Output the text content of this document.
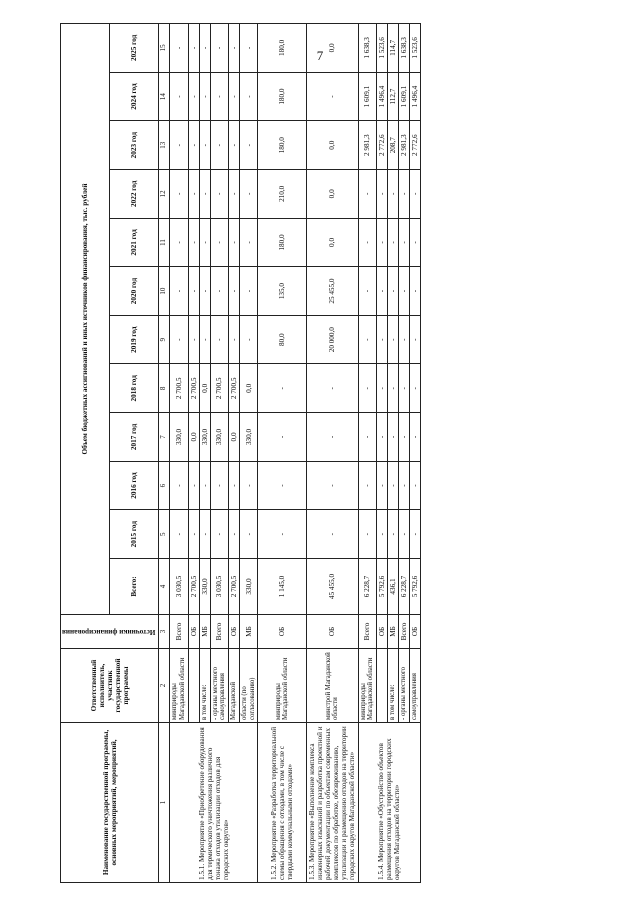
7
Наименование государственной программы, основных мероприятий, мероприятий,	Ответственный исполнитель, участник государственной программы	Источники финансирования	Объем бюджетных ассигнований и иных источников финансирования, тыс. рублей											
			Всего:	2015 год	2016 год	2017 год	2018 год	2019 год	2020 год	2021 год	2022 год	2023 год	2024 год	2025 год
1	2	3	4	5	6	7	8	9	10	11	12	13	14	15
1.5.1. Мероприятие «Приобретение оборудования для термического уничтожения различного тонажа отходов утилизации отходов для городских округов»	минприроды Магаданской области	Всего	3 030,5	-	-	330,0	2 700,5	-	-	-	-	-	-	-
		ОБ	2 700,5	-	-	0,0	2 700,5	-	-	-	-	-	-	-
	в том числе:	МБ	330,0	-	-	330,0	0,0	-	-	-	-	-	-	-
	- органы местного самоуправления	Всего	3 030,5	-	-	330,0	2 700,5	-	-	-	-	-	-	-
	Магаданской	ОБ	2 700,5	-	-	0,0	2 700,5	-	-	-	-	-	-	-
	области (по согласованию)	МБ	330,0	-	-	330,0	0,0	-	-	-	-	-	-	-
1.5.2. Мероприятие «Разработка территориальной схемы обращения с отходами, в том числе с твердыми коммунальными отходами»	минприроды Магаданской области	ОБ	1 145,0	-	-	-	-	80,0	135,0	180,0	210,0	180,0	180,0	180,0
1.5.3. Мероприятие «Выполнение комплекса инженерных изысканий и разработка проектной и рабочей документации по объектам современных комплексов по обработке, обезвреживанию, утилизации и размещению отходов на территории городских округов Магаданской области»	минстрой Магаданской области	ОБ	45 455,0	-	-	-	-	20 000,0	25 455,0	0,0	0,0	0,0	-	0,0
1.5.4. Мероприятие «Обустройство объектов размещения отходов на территории городских округов Магаданской области»	минприроды Магаданской области	Всего	6 228,7	-	-	-	-	-	-	-	-	2 981,3	1 609,1	1 638,3
		ОБ	5 792,6	-	-	-	-	-	-	-	-	2 772,6	1 496,4	1 523,6
	в том числе:	МБ	436,1	-	-	-	-	-	-	-	-	208,7	112,7	114,7
	- органы местного	Всего	6 228,7	-	-	-	-	-	-	-	-	2 981,3	1 609,1	1 638,3
	самоуправления	ОБ	5 792,6	-	-	-	-	-	-	-	-	2 772,6	1 496,4	1 523,6
